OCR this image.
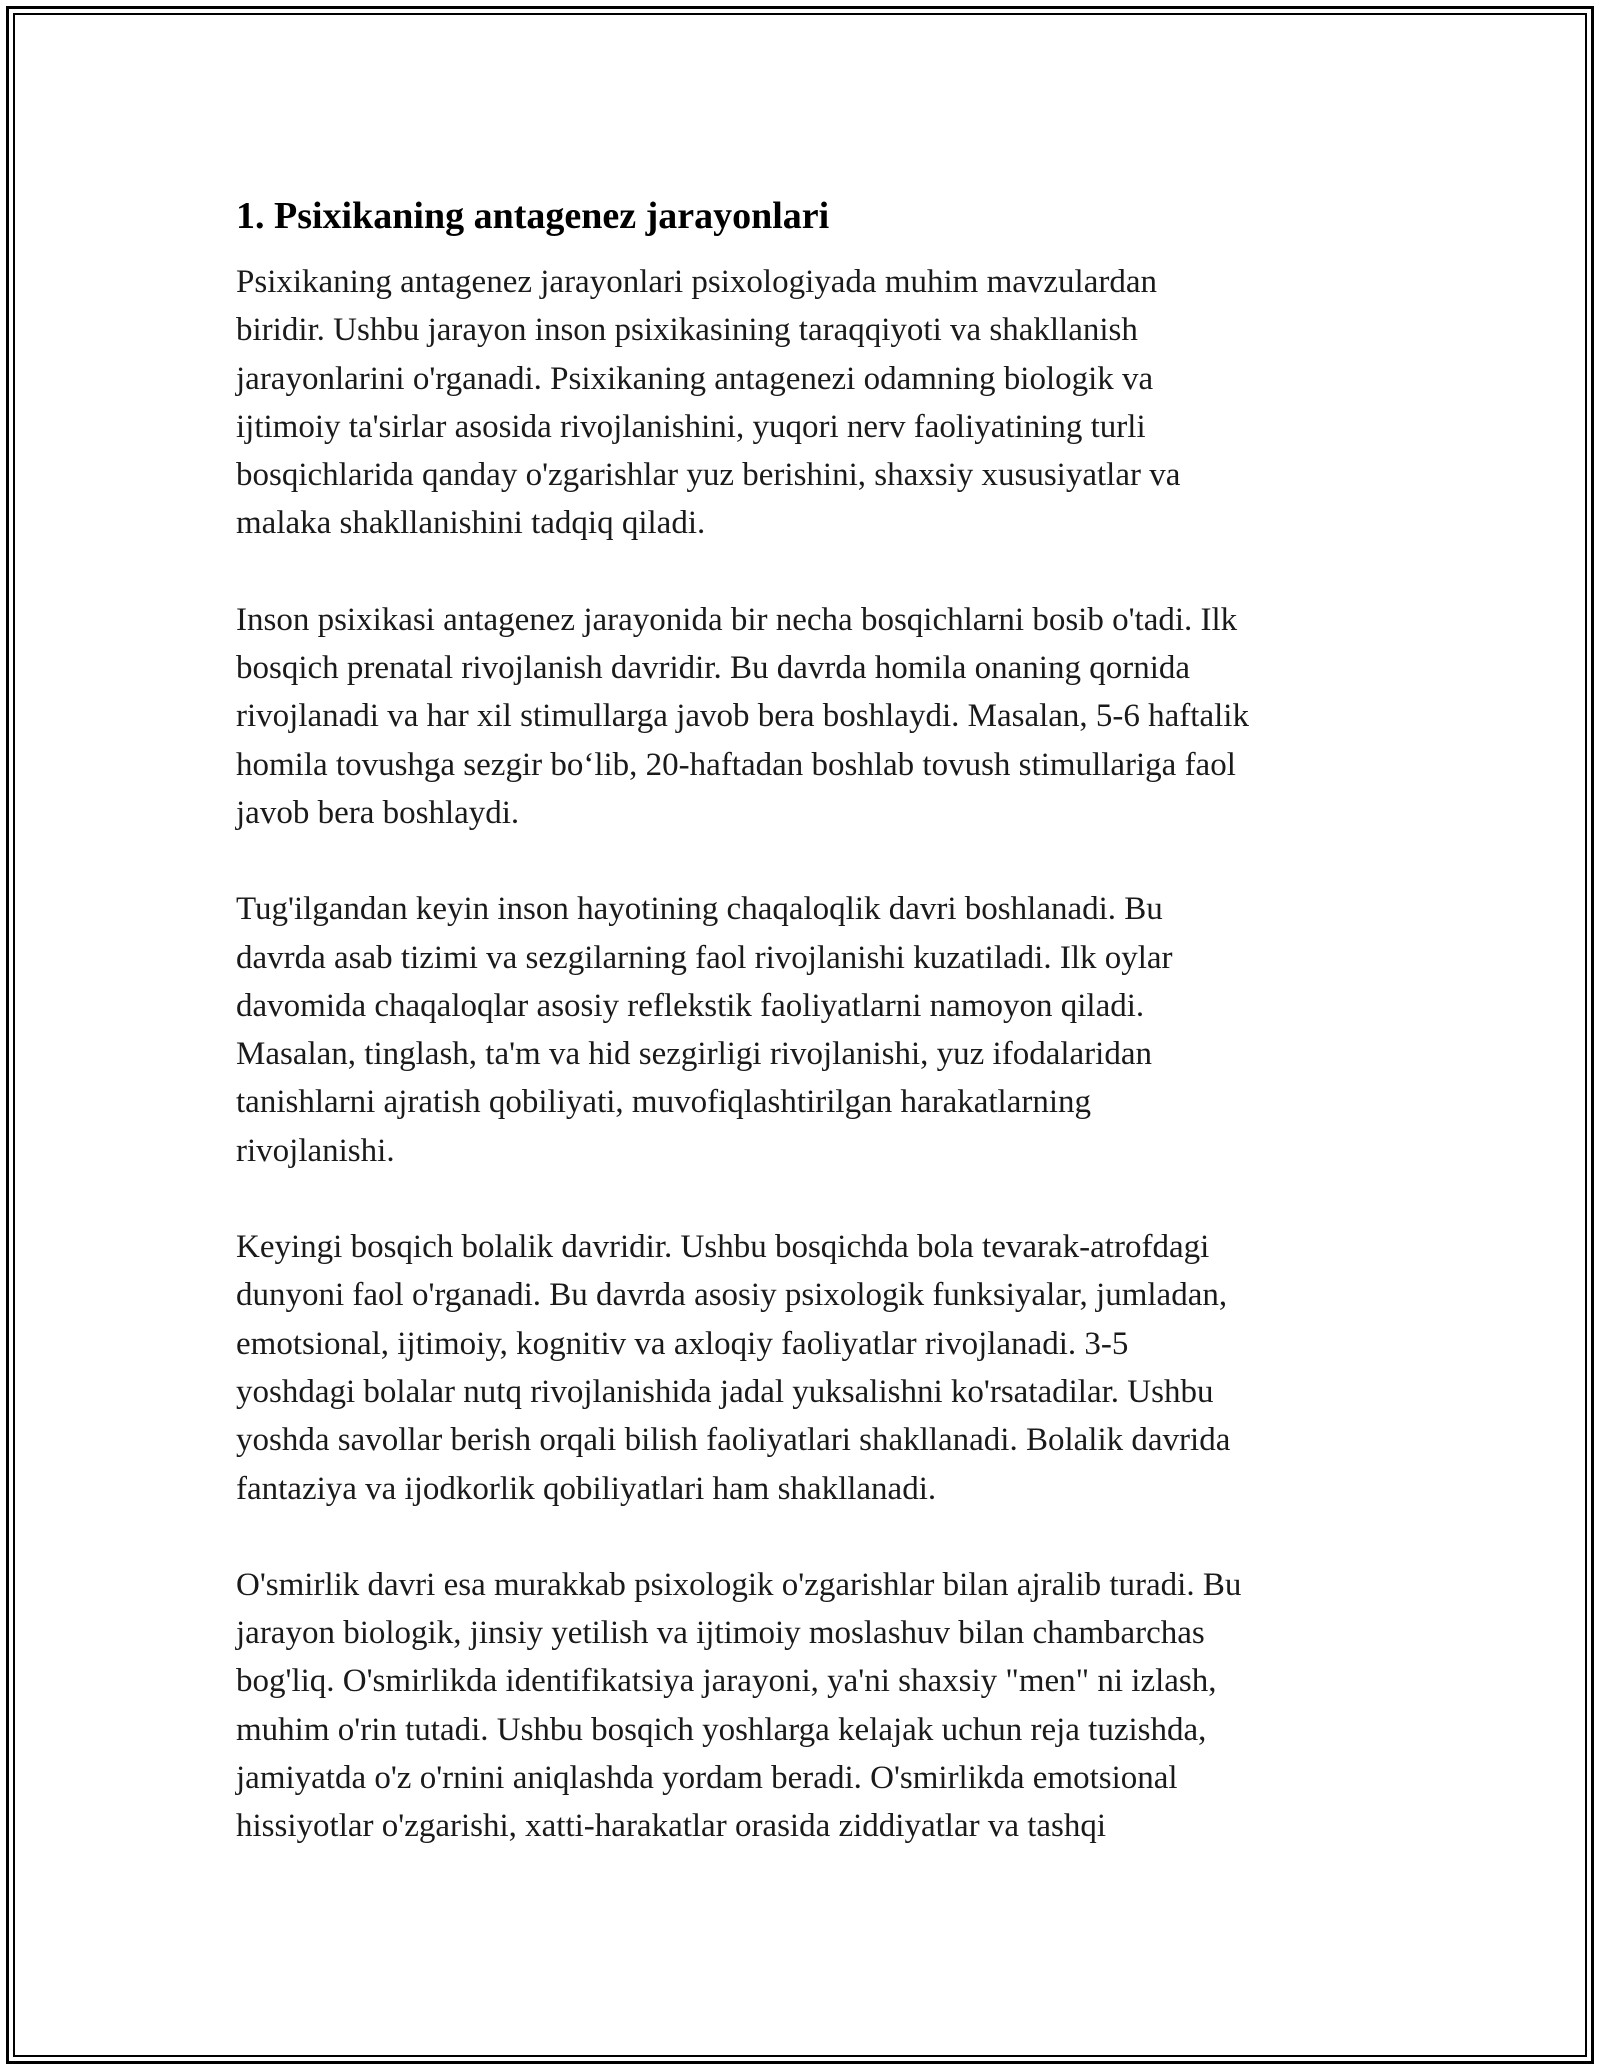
1. Psixikaning antagenez jarayonlari

Psixikaning antagenez jarayonlari psixologiyada muhim mavzulardan
biridir. Ushbu jarayon inson psixikasining taraqqiyoti va shakllanish
jarayonlarini o'rganadi. Psixikaning antagenezi odamning biologik va
ijtimoiy ta'sirlar asosida rivojlanishini, yuqori nerv faoliyatining turli
bosqichlarida qanday o'zgarishlar yuz berishini, shaxsiy xususiyatlar va
malaka shakllanishini tadqiq qiladi.

Inson psixikasi antagenez jarayonida bir necha bosqichlarni bosib o'tadi. Ilk
bosqich prenatal rivojlanish davridir. Bu davrda homila onaning qornida
rivojlanadi va har xil stimullarga javob bera boshlaydi. Masalan, 5-6 haftalik
homila tovushga sezgir bo‘lib, 20-haftadan boshlab tovush stimullariga faol
javob bera boshlaydi.

Tug'ilgandan keyin inson hayotining chaqaloqlik davri boshlanadi. Bu
davrda asab tizimi va sezgilarning faol rivojlanishi kuzatiladi. Ilk oylar
davomida chaqaloqlar asosiy reflekstik faoliyatlarni namoyon qiladi.
Masalan, tinglash, ta'm va hid sezgirligi rivojlanishi, yuz ifodalaridan
tanishlarni ajratish qobiliyati, muvofiqlashtirilgan harakatlarning
rivojlanishi.

Keyingi bosqich bolalik davridir. Ushbu bosqichda bola tevarak-atrofdagi
dunyoni faol o'rganadi. Bu davrda asosiy psixologik funksiyalar, jumladan,
emotsional, ijtimoiy, kognitiv va axloqiy faoliyatlar rivojlanadi. 3-5
yoshdagi bolalar nutq rivojlanishida jadal yuksalishni ko'rsatadilar. Ushbu
yoshda savollar berish orqali bilish faoliyatlari shakllanadi. Bolalik davrida
fantaziya va ijodkorlik qobiliyatlari ham shakllanadi.

O'smirlik davri esa murakkab psixologik o'zgarishlar bilan ajralib turadi. Bu
jarayon biologik, jinsiy yetilish va ijtimoiy moslashuv bilan chambarchas
bog'liq. O'smirlikda identifikatsiya jarayoni, ya'ni shaxsiy "men" ni izlash,
muhim o'rin tutadi. Ushbu bosqich yoshlarga kelajak uchun reja tuzishda,
jamiyatda o'z o'rnini aniqlashda yordam beradi. O'smirlikda emotsional
hissiyotlar o'zgarishi, xatti-harakatlar orasida ziddiyatlar va tashqi
